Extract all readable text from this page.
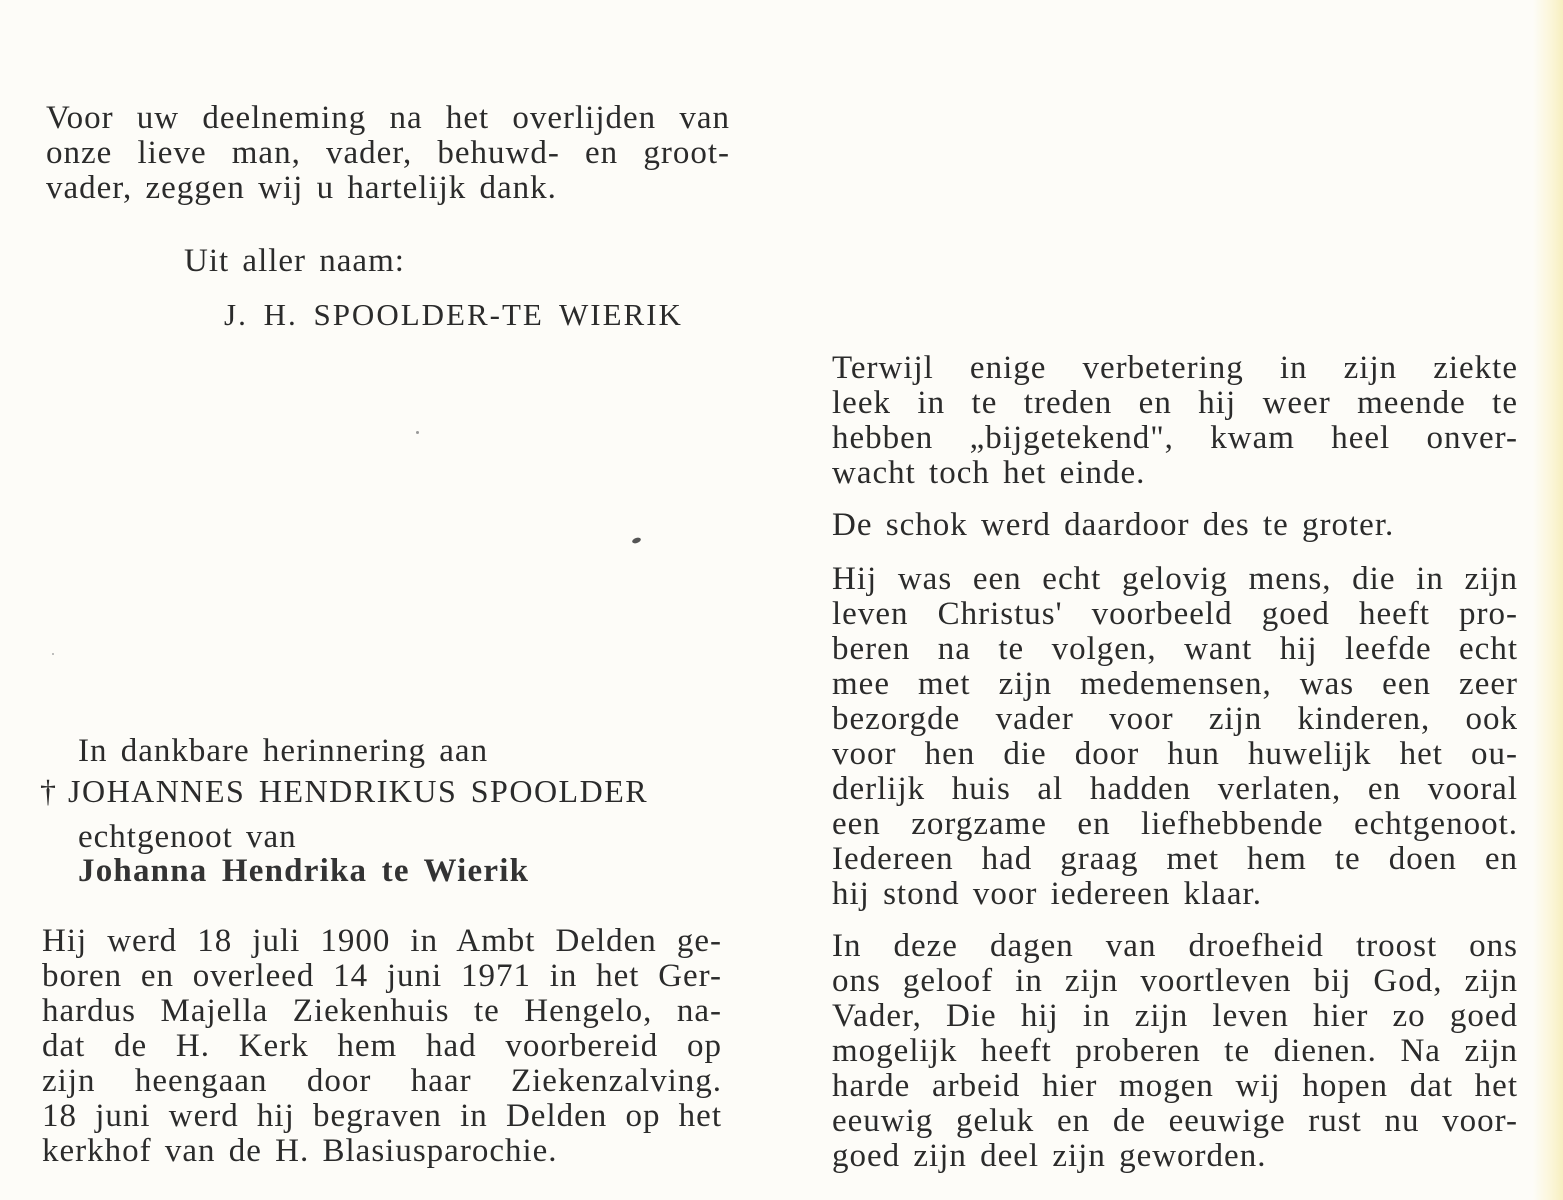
Voor uw deelneming na het overlijden van
onze lieve man, vader, behuwd- en groot-
vader, zeggen wij u hartelijk dank.

Uit aller naam:

J. H. SPOOLDER-TE WIERIK

In dankbare herinnering aan

† JOHANNES HENDRIKUS SPOOLDER

echtgenoot van

Johanna Hendrika te Wierik

Hij werd 18 juli 1900 in Ambt Delden ge-
boren en overleed 14 juni 1971 in het Ger-
hardus Majella Ziekenhuis te Hengelo, na-
dat de H. Kerk hem had voorbereid op
zijn heengaan door haar Ziekenzalving.
18 juni werd hij begraven in Delden op het
kerkhof van de H. Blasiusparochie.
Terwijl enige verbetering in zijn ziekte
leek in te treden en hij weer meende te
hebben „bijgetekend", kwam heel onver-
wacht toch het einde.
De schok werd daardoor des te groter.
Hij was een echt gelovig mens, die in zijn
leven Christus' voorbeeld goed heeft pro-
beren na te volgen, want hij leefde echt
mee met zijn medemensen, was een zeer
bezorgde vader voor zijn kinderen, ook
voor hen die door hun huwelijk het ou-
derlijk huis al hadden verlaten, en vooral
een zorgzame en liefhebbende echtgenoot.
Iedereen had graag met hem te doen en
hij stond voor iedereen klaar.
In deze dagen van droefheid troost ons
ons geloof in zijn voortleven bij God, zijn
Vader, Die hij in zijn leven hier zo goed
mogelijk heeft proberen te dienen. Na zijn
harde arbeid hier mogen wij hopen dat het
eeuwig geluk en de eeuwige rust nu voor-
goed zijn deel zijn geworden.
